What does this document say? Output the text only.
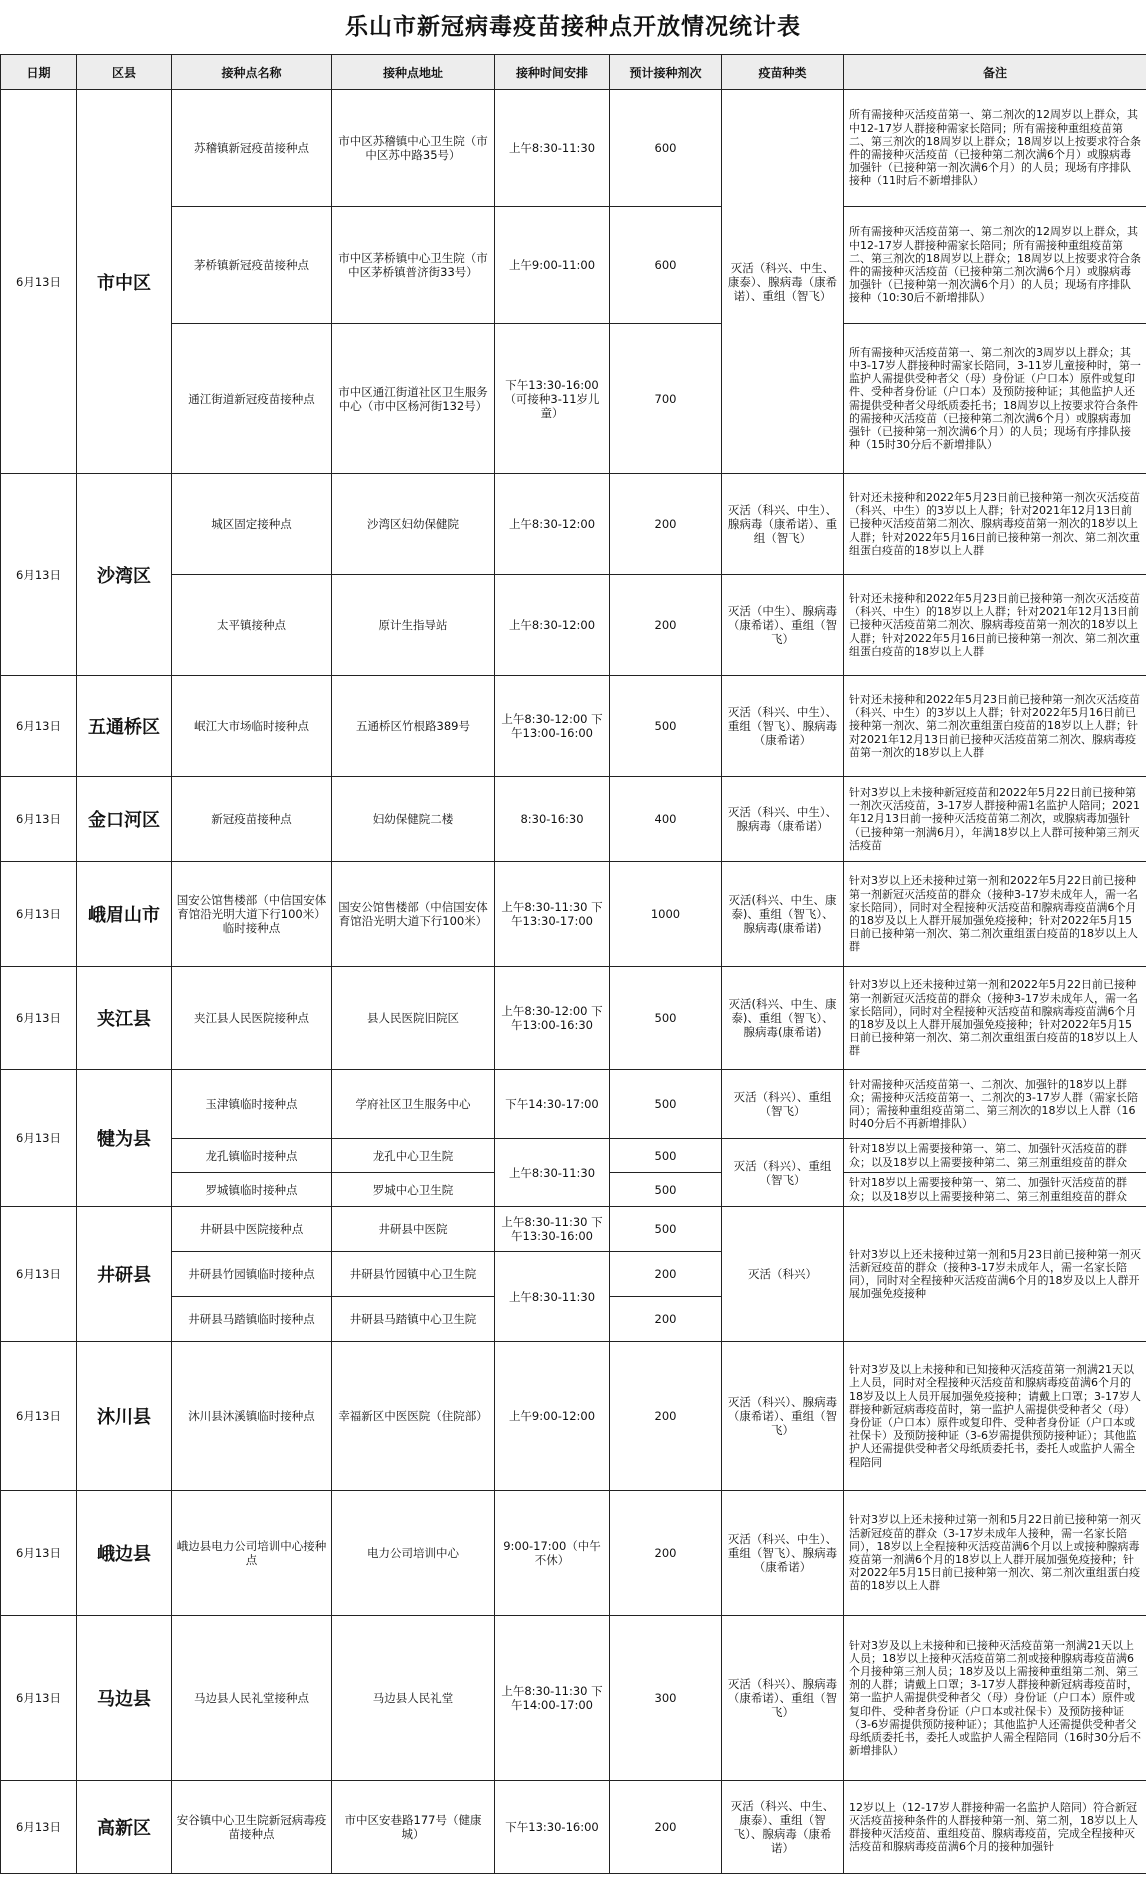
乐山市新冠病毒疫苗接种点开放情况统计表
日期	区县	接种点名称	接种点地址	接种时间安排	预计接种剂次	疫苗种类	备注
6月13日	市中区	苏稽镇新冠疫苗接种点	市中区苏稽镇中心卫生院（市中区苏中路35号）	上午8:30-11:30	600	灭活（科兴、中生、康泰）、腺病毒（康希诺）、重组（智飞）	所有需接种灭活疫苗第一、第二剂次的12周岁以上群众，其中12-17岁人群接种需家长陪同；所有需接种重组疫苗第二、第三剂次的18周岁以上群众；18周岁以上按要求符合条件的需接种灭活疫苗（已接种第二剂次满6个月）或腺病毒加强针（已接种第一剂次满6个月）的人员；现场有序排队接种（11时后不新增排队）
		茅桥镇新冠疫苗接种点	市中区茅桥镇中心卫生院（市中区茅桥镇普济街33号）	上午9:00-11:00	600		所有需接种灭活疫苗第一、第二剂次的12周岁以上群众，其中12-17岁人群接种需家长陪同；所有需接种重组疫苗第二、第三剂次的18周岁以上群众；18周岁以上按要求符合条件的需接种灭活疫苗（已接种第二剂次满6个月）或腺病毒加强针（已接种第一剂次满6个月）的人员；现场有序排队接种（10:30后不新增排队）
		通江街道新冠疫苗接种点	市中区通江街道社区卫生服务中心（市中区杨河街132号）	下午13:30-16:00（可接种3-11岁儿童）	700		所有需接种灭活疫苗第一、第二剂次的3周岁以上群众；其中3-17岁人群接种时需家长陪同，3-11岁儿童接种时，第一监护人需提供受种者父（母）身份证（户口本）原件或复印件、受种者身份证（户口本）及预防接种证；其他监护人还需提供受种者父母纸质委托书；18周岁以上按要求符合条件的需接种灭活疫苗（已接种第二剂次满6个月）或腺病毒加强针（已接种第一剂次满6个月）的人员；现场有序排队接种（15时30分后不新增排队）
6月13日	沙湾区	城区固定接种点	沙湾区妇幼保健院	上午8:30-12:00	200	灭活（科兴、中生）、腺病毒（康希诺）、重组（智飞）	针对还未接种和2022年5月23日前已接种第一剂次灭活疫苗（科兴、中生）的3岁以上人群；针对2021年12月13日前已接种灭活疫苗第二剂次、腺病毒疫苗第一剂次的18岁以上人群；针对2022年5月16日前已接种第一剂次、第二剂次重组蛋白疫苗的18岁以上人群
		太平镇接种点	原计生指导站	上午8:30-12:00	200	灭活（中生）、腺病毒（康希诺）、重组（智飞）	针对还未接种和2022年5月23日前已接种第一剂次灭活疫苗（科兴、中生）的18岁以上人群；针对2021年12月13日前已接种灭活疫苗第二剂次、腺病毒疫苗第一剂次的18岁以上人群；针对2022年5月16日前已接种第一剂次、第二剂次重组蛋白疫苗的18岁以上人群
6月13日	五通桥区	岷江大市场临时接种点	五通桥区竹根路389号	上午8:30-12:00 下午13:00-16:00	500	灭活（科兴、中生）、重组（智飞）、腺病毒（康希诺）	针对还未接种和2022年5月23日前已接种第一剂次灭活疫苗（科兴、中生）的3岁以上人群；针对2022年5月16日前已接种第一剂次、第二剂次重组蛋白疫苗的18岁以上人群；针对2021年12月13日前已接种灭活疫苗第二剂次、腺病毒疫苗第一剂次的18岁以上人群
6月13日	金口河区	新冠疫苗接种点	妇幼保健院二楼	8:30-16:30	400	灭活（科兴、中生）、腺病毒（康希诺）	针对3岁以上未接种新冠疫苗和2022年5月22日前已接种第一剂次灭活疫苗，3-17岁人群接种需1名监护人陪同；2021年12月13日前一接种灭活疫苗第二剂次，或腺病毒加强针（已接种第一剂满6月），年满18岁以上人群可接种第三剂灭活疫苗
6月13日	峨眉山市	国安公馆售楼部（中信国安体育馆沿光明大道下行100米）临时接种点	国安公馆售楼部（中信国安体育馆沿光明大道下行100米）	上午8:30-11:30 下午13:30-17:00	1000	灭活(科兴、中生、康泰)、重组（智飞）、腺病毒(康希诺)	针对3岁以上还未接种过第一剂和2022年5月22日前已接种第一剂新冠灭活疫苗的群众（接种3-17岁未成年人，需一名家长陪同），同时对全程接种灭活疫苗和腺病毒疫苗满6个月的18岁及以上人群开展加强免疫接种；针对2022年5月15日前已接种第一剂次、第二剂次重组蛋白疫苗的18岁以上人群
6月13日	夹江县	夹江县人民医院接种点	县人民医院旧院区	上午8:30-12:00 下午13:00-16:30	500	灭活(科兴、中生、康泰)、重组（智飞）、腺病毒(康希诺)	针对3岁以上还未接种过第一剂和2022年5月22日前已接种第一剂新冠灭活疫苗的群众（接种3-17岁未成年人，需一名家长陪同），同时对全程接种灭活疫苗和腺病毒疫苗满6个月的18岁及以上人群开展加强免疫接种；针对2022年5月15日前已接种第一剂次、第二剂次重组蛋白疫苗的18岁以上人群
6月13日	犍为县	玉津镇临时接种点	学府社区卫生服务中心	下午14:30-17:00	500	灭活（科兴）、重组（智飞）	针对需接种灭活疫苗第一、二剂次、加强针的18岁以上群众；需接种灭活疫苗第一、二剂次的3-17岁人群（需家长陪同）；需接种重组疫苗第二、第三剂次的18岁以上人群（16时40分后不再新增排队）
		龙孔镇临时接种点	龙孔中心卫生院	上午8:30-11:30	500	灭活（科兴）、重组（智飞）	针对18岁以上需要接种第一、第二、加强针灭活疫苗的群众；以及18岁以上需要接种第二、第三剂重组疫苗的群众
		罗城镇临时接种点	罗城中心卫生院		500		针对18岁以上需要接种第一、第二、加强针灭活疫苗的群众；以及18岁以上需要接种第二、第三剂重组疫苗的群众
6月13日	井研县	井研县中医院接种点	井研县中医院	上午8:30-11:30 下午13:30-16:00	500	灭活（科兴）	针对3岁以上还未接种过第一剂和5月23日前已接种第一剂灭活新冠疫苗的群众（接种3-17岁未成年人，需一名家长陪同），同时对全程接种灭活疫苗满6个月的18岁及以上人群开展加强免疫接种
		井研县竹园镇临时接种点	井研县竹园镇中心卫生院	上午8:30-11:30	200		
		井研县马踏镇临时接种点	井研县马踏镇中心卫生院		200		
6月13日	沐川县	沐川县沐溪镇临时接种点	幸福新区中医医院（住院部）	上午9:00-12:00	200	灭活（科兴）、腺病毒（康希诺）、重组（智飞）	针对3岁及以上未接种和已知接种灭活疫苗第一剂满21天以上人员，同时对全程接种灭活疫苗和腺病毒疫苗满6个月的18岁及以上人员开展加强免疫接种；请戴上口罩；3-17岁人群接种新冠病毒疫苗时，第一监护人需提供受种者父（母）身份证（户口本）原件或复印件、受种者身份证（户口本或社保卡）及预防接种证（3-6岁需提供预防接种证）；其他监护人还需提供受种者父母纸质委托书，委托人或监护人需全程陪同
6月13日	峨边县	峨边县电力公司培训中心接种点	电力公司培训中心	9:00-17:00（中午不休）	200	灭活（科兴、中生）、重组（智飞）、腺病毒（康希诺）	针对3岁以上还未接种过第一剂和5月22日前已接种第一剂灭活新冠疫苗的群众（3-17岁未成年人接种，需一名家长陪同），18岁以上全程接种灭活疫苗满6个月以上或接种腺病毒疫苗第一剂满6个月的18岁以上人群开展加强免疫接种；针对2022年5月15日前已接种第一剂次、第二剂次重组蛋白疫苗的18岁以上人群
6月13日	马边县	马边县人民礼堂接种点	马边县人民礼堂	上午8:30-11:30 下午14:00-17:00	300	灭活（科兴）、腺病毒（康希诺）、重组（智飞）	针对3岁及以上未接种和已接种灭活疫苗第一剂满21天以上人员；18岁以上接种灭活疫苗第二剂或接种腺病毒疫苗满6个月接种第三剂人员；18岁及以上需接种重组第二剂、第三剂的人群；请戴上口罩；3-17岁人群接种新冠病毒疫苗时，第一监护人需提供受种者父（母）身份证（户口本）原件或复印件、受种者身份证（户口本或社保卡）及预防接种证（3-6岁需提供预防接种证）；其他监护人还需提供受种者父母纸质委托书，委托人或监护人需全程陪同（16时30分后不新增排队）
6月13日	高新区	安谷镇中心卫生院新冠病毒疫苗接种点	市中区安巷路177号（健康城）	下午13:30-16:00	200	灭活（科兴、中生、康泰）、重组（智飞）、腺病毒（康希诺）	12岁以上（12-17岁人群接种需一名监护人陪同）符合新冠灭活疫苗接种条件的人群接种第一剂、第二剂，18岁以上人群接种灭活疫苗、重组疫苗、腺病毒疫苗，完成全程接种灭活疫苗和腺病毒疫苗满6个月的接种加强针
